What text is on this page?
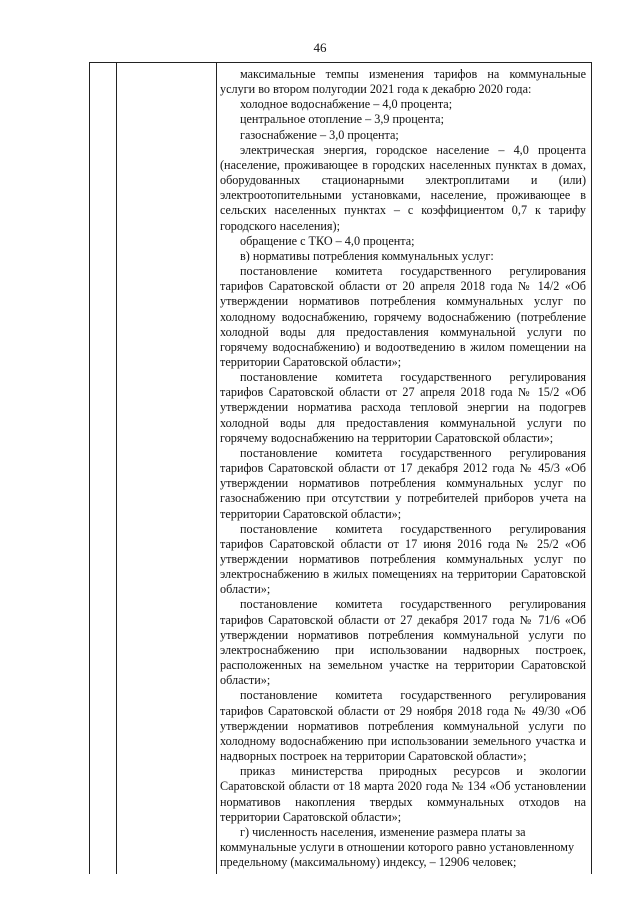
46

максимальные темпы изменения тарифов на коммунальные услуги во втором полугодии 2021 года к декабрю 2020 года:

холодное водоснабжение – 4,0 процента;

центральное отопление – 3,9 процента;

газоснабжение – 3,0 процента;

электрическая энергия, городское население – 4,0 процента (население, проживающее в городских населенных пунктах в домах, оборудованных стационарными электроплитами и (или) электроотопительными установками, население, проживающее в сельских населенных пунктах – с коэффициентом 0,7 к тарифу городского населения);

обращение с ТКО – 4,0 процента;

в) нормативы потребления коммунальных услуг:

постановление комитета государственного регулирования тарифов Саратовской области от 20 апреля 2018 года № 14/2 «Об утверждении нормативов потребления коммунальных услуг по холодному водоснабжению, горячему водоснабжению (потребление холодной воды для предоставления коммунальной услуги по горячему водоснабжению) и водоотведению в жилом помещении на территории Саратовской области»;

постановление комитета государственного регулирования тарифов Саратовской области от 27 апреля 2018 года № 15/2 «Об утверждении норматива расхода тепловой энергии на подогрев холодной воды для предоставления коммунальной услуги по горячему водоснабжению на территории Саратовской области»;

постановление комитета государственного регулирования тарифов Саратовской области от 17 декабря 2012 года № 45/3 «Об утверждении нормативов потребления коммунальных услуг по газоснабжению при отсутствии у потребителей приборов учета на территории Саратовской области»;

постановление комитета государственного регулирования тарифов Саратовской области от 17 июня 2016 года № 25/2 «Об утверждении нормативов потребления коммунальных услуг по электроснабжению в жилых помещениях на территории Саратовской области»;

постановление комитета государственного регулирования тарифов Саратовской области от 27 декабря 2017 года № 71/6 «Об утверждении нормативов потребления коммунальной услуги по электроснабжению при использовании надворных построек, расположенных на земельном участке на территории Саратовской области»;

постановление комитета государственного регулирования тарифов Саратовской области от 29 ноября 2018 года № 49/30 «Об утверждении нормативов потребления коммунальной услуги по холодному водоснабжению при использовании земельного участка и надворных построек на территории Саратовской области»;

приказ министерства природных ресурсов и экологии Саратовской области от 18 марта 2020 года № 134 «Об установлении нормативов накопления твердых коммунальных отходов на территории Саратовской области»;

г) численность населения, изменение размера платы за коммунальные услуги в отношении которого равно установленному предельному (максимальному) индексу, – 12906 человек;
